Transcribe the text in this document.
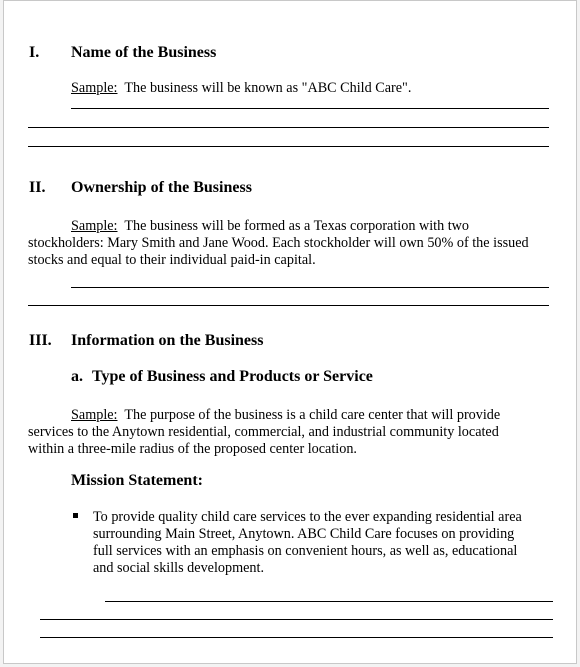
I. Name of the Business
Sample: The business will be known as "ABC Child Care".
II. Ownership of the Business
Sample: The business will be formed as a Texas corporation with two
stockholders: Mary Smith and Jane Wood. Each stockholder will own 50% of the issued
stocks and equal to their individual paid-in capital.
III. Information on the Business
a. Type of Business and Products or Service
Sample: The purpose of the business is a child care center that will provide
services to the Anytown residential, commercial, and industrial community located
within a three-mile radius of the proposed center location.
Mission Statement:
To provide quality child care services to the ever expanding residential area
surrounding Main Street, Anytown. ABC Child Care focuses on providing
full services with an emphasis on convenient hours, as well as, educational
and social skills development.
